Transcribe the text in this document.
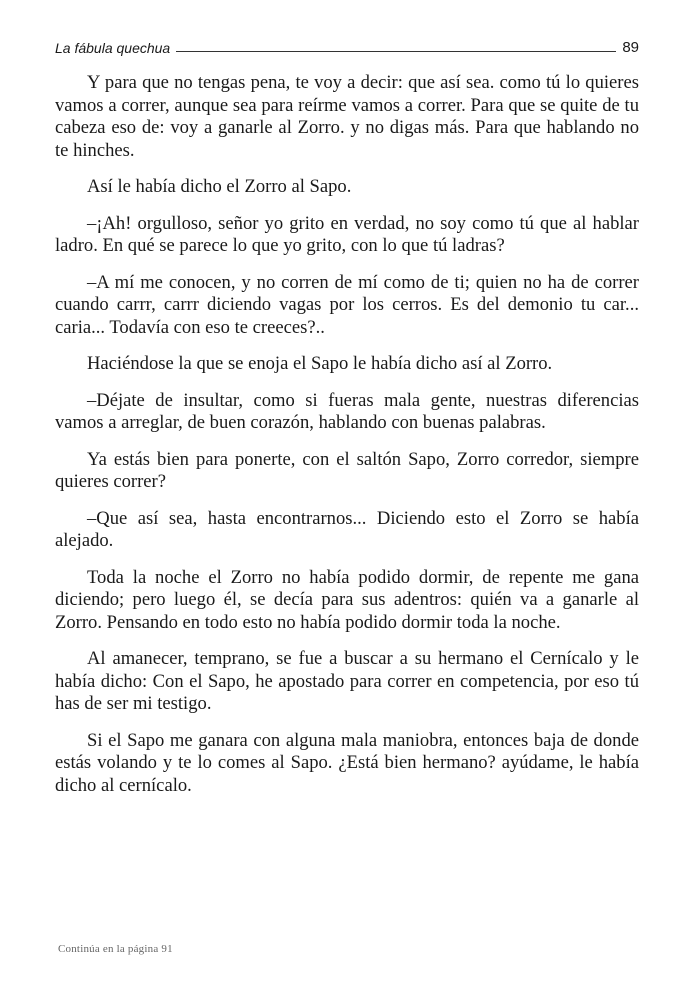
La fábula quechua	89

Y para que no tengas pena, te voy a decir: que así sea. como tú lo quieres vamos a correr, aunque sea para reírme vamos a correr. Para que se quite de tu cabeza eso de: voy a ganarle al Zorro. y no digas más. Para que hablando no te hinches.

Así le había dicho el Zorro al Sapo.

–¡Ah! orgulloso, señor yo grito en verdad, no soy como tú que al hablar ladro. En qué se parece lo que yo grito, con lo que tú ladras?

–A mí me conocen, y no corren de mí como de ti; quien no ha de correr cuando carrr, carrr diciendo vagas por los cerros. Es del demonio tu car... caria... Todavía con eso te creeces?..

Haciéndose la que se enoja el Sapo le había dicho así al Zorro.

–Déjate de insultar, como si fueras mala gente, nuestras diferencias vamos a arreglar, de buen corazón, hablando con buenas palabras.

Ya estás bien para ponerte, con el saltón Sapo, Zorro corredor, siempre quieres correr?

–Que así sea, hasta encontrarnos... Diciendo esto el Zorro se había alejado.

Toda la noche el Zorro no había podido dormir, de repente me gana diciendo; pero luego él, se decía para sus adentros: quién va a ganarle al Zorro. Pensando en todo esto no había podido dormir toda la noche.

Al amanecer, temprano, se fue a buscar a su hermano el Cernícalo y le había dicho: Con el Sapo, he apostado para correr en competencia, por eso tú has de ser mi testigo.

Si el Sapo me ganara con alguna mala maniobra, entonces baja de donde estás volando y te lo comes al Sapo. ¿Está bien hermano? ayúdame, le había dicho al cernícalo.

Continúa en la página 91
